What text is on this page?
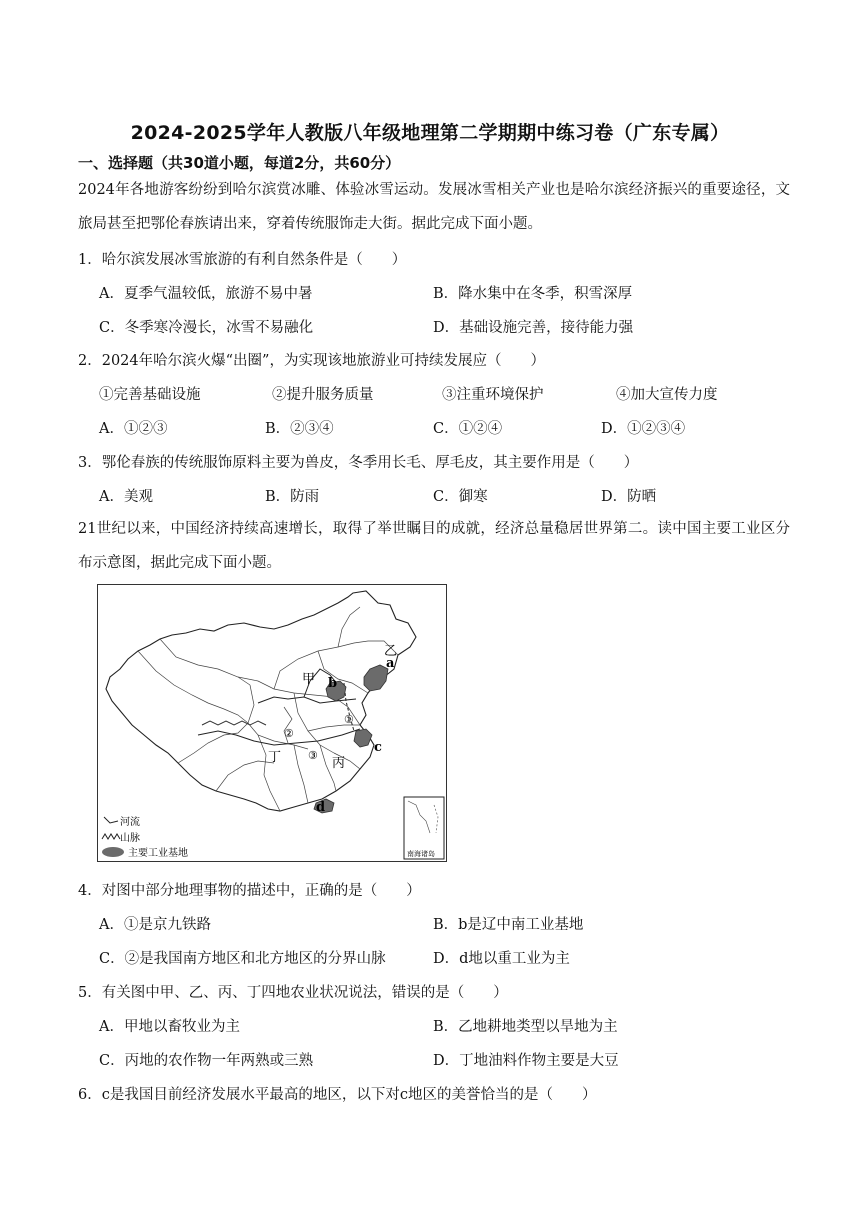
2024-2025学年人教版八年级地理第二学期期中练习卷（广东专属）
一、选择题（共30道小题，每道2分，共60分）
2024年各地游客纷纷到哈尔滨赏冰雕、体验冰雪运动。发展冰雪相关产业也是哈尔滨经济振兴的重要途径，文旅局甚至把鄂伦春族请出来，穿着传统服饰走大街。据此完成下面小题。
1．哈尔滨发展冰雪旅游的有利自然条件是（　　）
A．夏季气温较低，旅游不易中暑	B．降水集中在冬季，积雪深厚
C．冬季寒冷漫长，冰雪不易融化	D．基础设施完善，接待能力强
2．2024年哈尔滨火爆“出圈”，为实现该地旅游业可持续发展应（　　）
①完善基础设施	②提升服务质量	③注重环境保护	④加大宣传力度
A．①②③	B．②③④	C．①②④	D．①②③④
3．鄂伦春族的传统服饰原料主要为兽皮，冬季用长毛、厚毛皮，其主要作用是（　　）
A．美观	B．防雨	C．御寒	D．防晒
21世纪以来，中国经济持续高速增长，取得了举世瞩目的成就，经济总量稳居世界第二。读中国主要工业区分布示意图，据此完成下面小题。
甲
乙
丙
丁
a
b
c
d
①
②
③
河流
山脉
主要工业基地	南海诸岛
4．对图中部分地理事物的描述中，正确的是（　　）
A．①是京九铁路	B．b是辽中南工业基地
C．②是我国南方地区和北方地区的分界山脉	D．d地以重工业为主
5．有关图中甲、乙、丙、丁四地农业状况说法，错误的是（　　）
A．甲地以畜牧业为主	B．乙地耕地类型以旱地为主
C．丙地的农作物一年两熟或三熟	D．丁地油料作物主要是大豆
6．c是我国目前经济发展水平最高的地区，以下对c地区的美誉恰当的是（　　）
